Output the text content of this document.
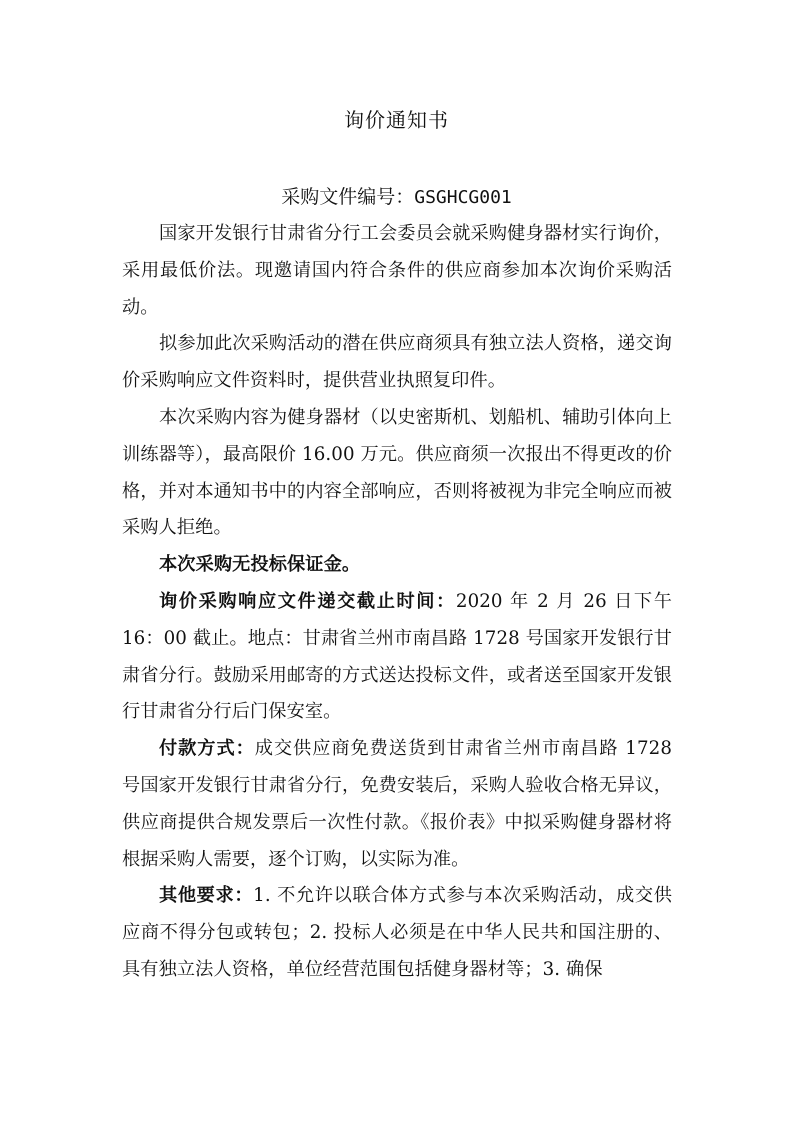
询价通知书

采购文件编号：GSGHCG001

国家开发银行甘肃省分行工会委员会就采购健身器材实行询价，采用最低价法。现邀请国内符合条件的供应商参加本次询价采购活动。

拟参加此次采购活动的潜在供应商须具有独立法人资格，递交询价采购响应文件资料时，提供营业执照复印件。

本次采购内容为健身器材（以史密斯机、划船机、辅助引体向上训练器等），最高限价 16.00 万元。供应商须一次报出不得更改的价格，并对本通知书中的内容全部响应，否则将被视为非完全响应而被采购人拒绝。

本次采购无投标保证金。

询价采购响应文件递交截止时间：2020 年 2 月 26 日下午 16：00 截止。地点：甘肃省兰州市南昌路 1728 号国家开发银行甘肃省分行。鼓励采用邮寄的方式送达投标文件，或者送至国家开发银行甘肃省分行后门保安室。

付款方式：成交供应商免费送货到甘肃省兰州市南昌路 1728 号国家开发银行甘肃省分行，免费安装后，采购人验收合格无异议，供应商提供合规发票后一次性付款。《报价表》中拟采购健身器材将根据采购人需要，逐个订购，以实际为准。

其他要求：1. 不允许以联合体方式参与本次采购活动，成交供应商不得分包或转包；2. 投标人必须是在中华人民共和国注册的、具有独立法人资格，单位经营范围包括健身器材等；3. 确保
